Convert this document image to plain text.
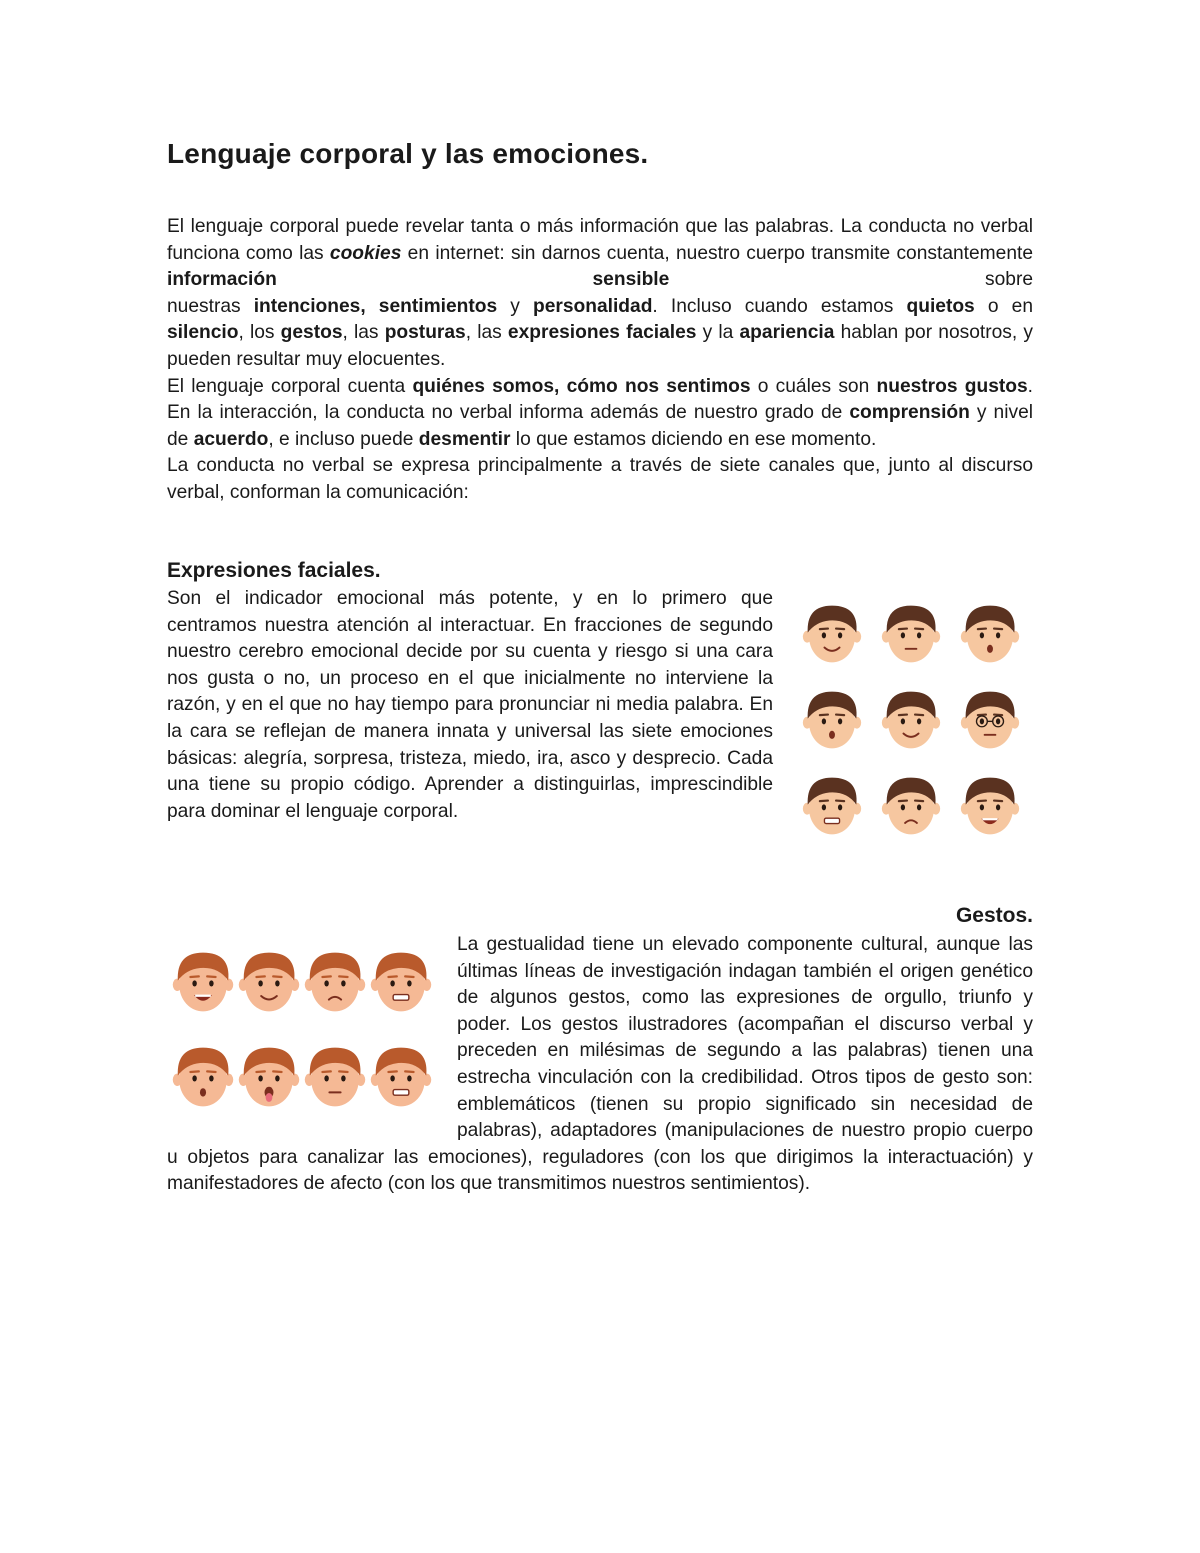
Lenguaje corporal y las emociones.

El lenguaje corporal puede revelar tanta o más información que las palabras. La conducta no verbal funciona como las cookies en internet: sin darnos cuenta, nuestro cuerpo transmite constantemente información sensible sobre

nuestras intenciones, sentimientos y personalidad. Incluso cuando estamos quietos o en silencio, los gestos, las posturas, las expresiones faciales y la apariencia hablan por nosotros, y pueden resultar muy elocuentes.

El lenguaje corporal cuenta quiénes somos, cómo nos sentimos o cuáles son nuestros gustos. En la interacción, la conducta no verbal informa además de nuestro grado de comprensión y nivel de acuerdo, e incluso puede desmentir lo que estamos diciendo en ese momento.

La conducta no verbal se expresa principalmente a través de siete canales que, junto al discurso verbal, conforman la comunicación:

Expresiones faciales.

Son el indicador emocional más potente, y en lo primero que centramos nuestra atención al interactuar. En fracciones de segundo nuestro cerebro emocional decide por su cuenta y riesgo si una cara nos gusta o no, un proceso en el que inicialmente no interviene la razón, y en el que no hay tiempo para pronunciar ni media palabra. En la cara se reflejan de manera innata y universal las siete emociones básicas: alegría, sorpresa, tristeza, miedo, ira, asco y desprecio. Cada una tiene su propio código. Aprender a distinguirlas, imprescindible para dominar el lenguaje corporal.

Gestos.

La gestualidad tiene un elevado componente cultural, aunque las últimas líneas de investigación indagan también el origen genético de algunos gestos, como las expresiones de orgullo, triunfo y poder. Los gestos ilustradores (acompañan el discurso verbal y preceden en milésimas de segundo a las palabras) tienen una estrecha vinculación con la credibilidad. Otros tipos de gesto son: emblemáticos (tienen su propio significado sin necesidad de palabras), adaptadores (manipulaciones de nuestro propio cuerpo u objetos para canalizar las emociones), reguladores (con los que dirigimos la interactuación) y manifestadores de afecto (con los que transmitimos nuestros sentimientos).
